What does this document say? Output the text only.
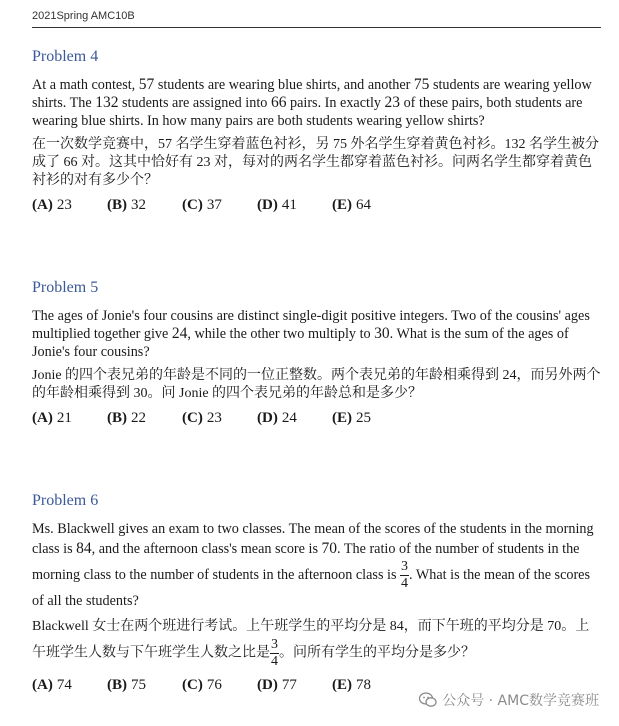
2021Spring AMC10B
Problem 4

At a math contest, 57 students are wearing blue shirts, and another 75 students are wearing yellow shirts. The 132 students are assigned into 66 pairs. In exactly 23 of these pairs, both students are wearing blue shirts. In how many pairs are both students wearing yellow shirts?

在一次数学竞赛中，57 名学生穿着蓝色衬衫，另 75 外名学生穿着黄色衬衫。132 名学生被分成了 66 对。这其中恰好有 23 对，每对的两名学生都穿着蓝色衬衫。问两名学生都穿着黄色衬衫的对有多少个？

(A) 23	(B) 32	(C) 37	(D) 41	(E) 64
Problem 5

The ages of Jonie's four cousins are distinct single-digit positive integers. Two of the cousins' ages multiplied together give 24, while the other two multiply to 30. What is the sum of the ages of Jonie's four cousins?

Jonie 的四个表兄弟的年龄是不同的一位正整数。两个表兄弟的年龄相乘得到 24，而另外两个的年龄相乘得到 30。问 Jonie 的四个表兄弟的年龄总和是多少？

(A) 21	(B) 22	(C) 23	(D) 24	(E) 25
Problem 6

Ms. Blackwell gives an exam to two classes. The mean of the scores of the students in the morning class is 84, and the afternoon class's mean score is 70. The ratio of the number of students in the morning class to the number of students in the afternoon class is $\frac{3}{4}$ . What is the mean of the scores of all the students?

Blackwell 女士在两个班进行考试。上午班学生的平均分是 84，而下午班的平均分是 70。上午班学生人数与下午班学生人数之比是 $\frac{3}{4}$ 。问所有学生的平均分是多少？

(A) 74	(B) 75	(C) 76	(D) 77	(E) 78
公众号 · AMC数学竞赛班
